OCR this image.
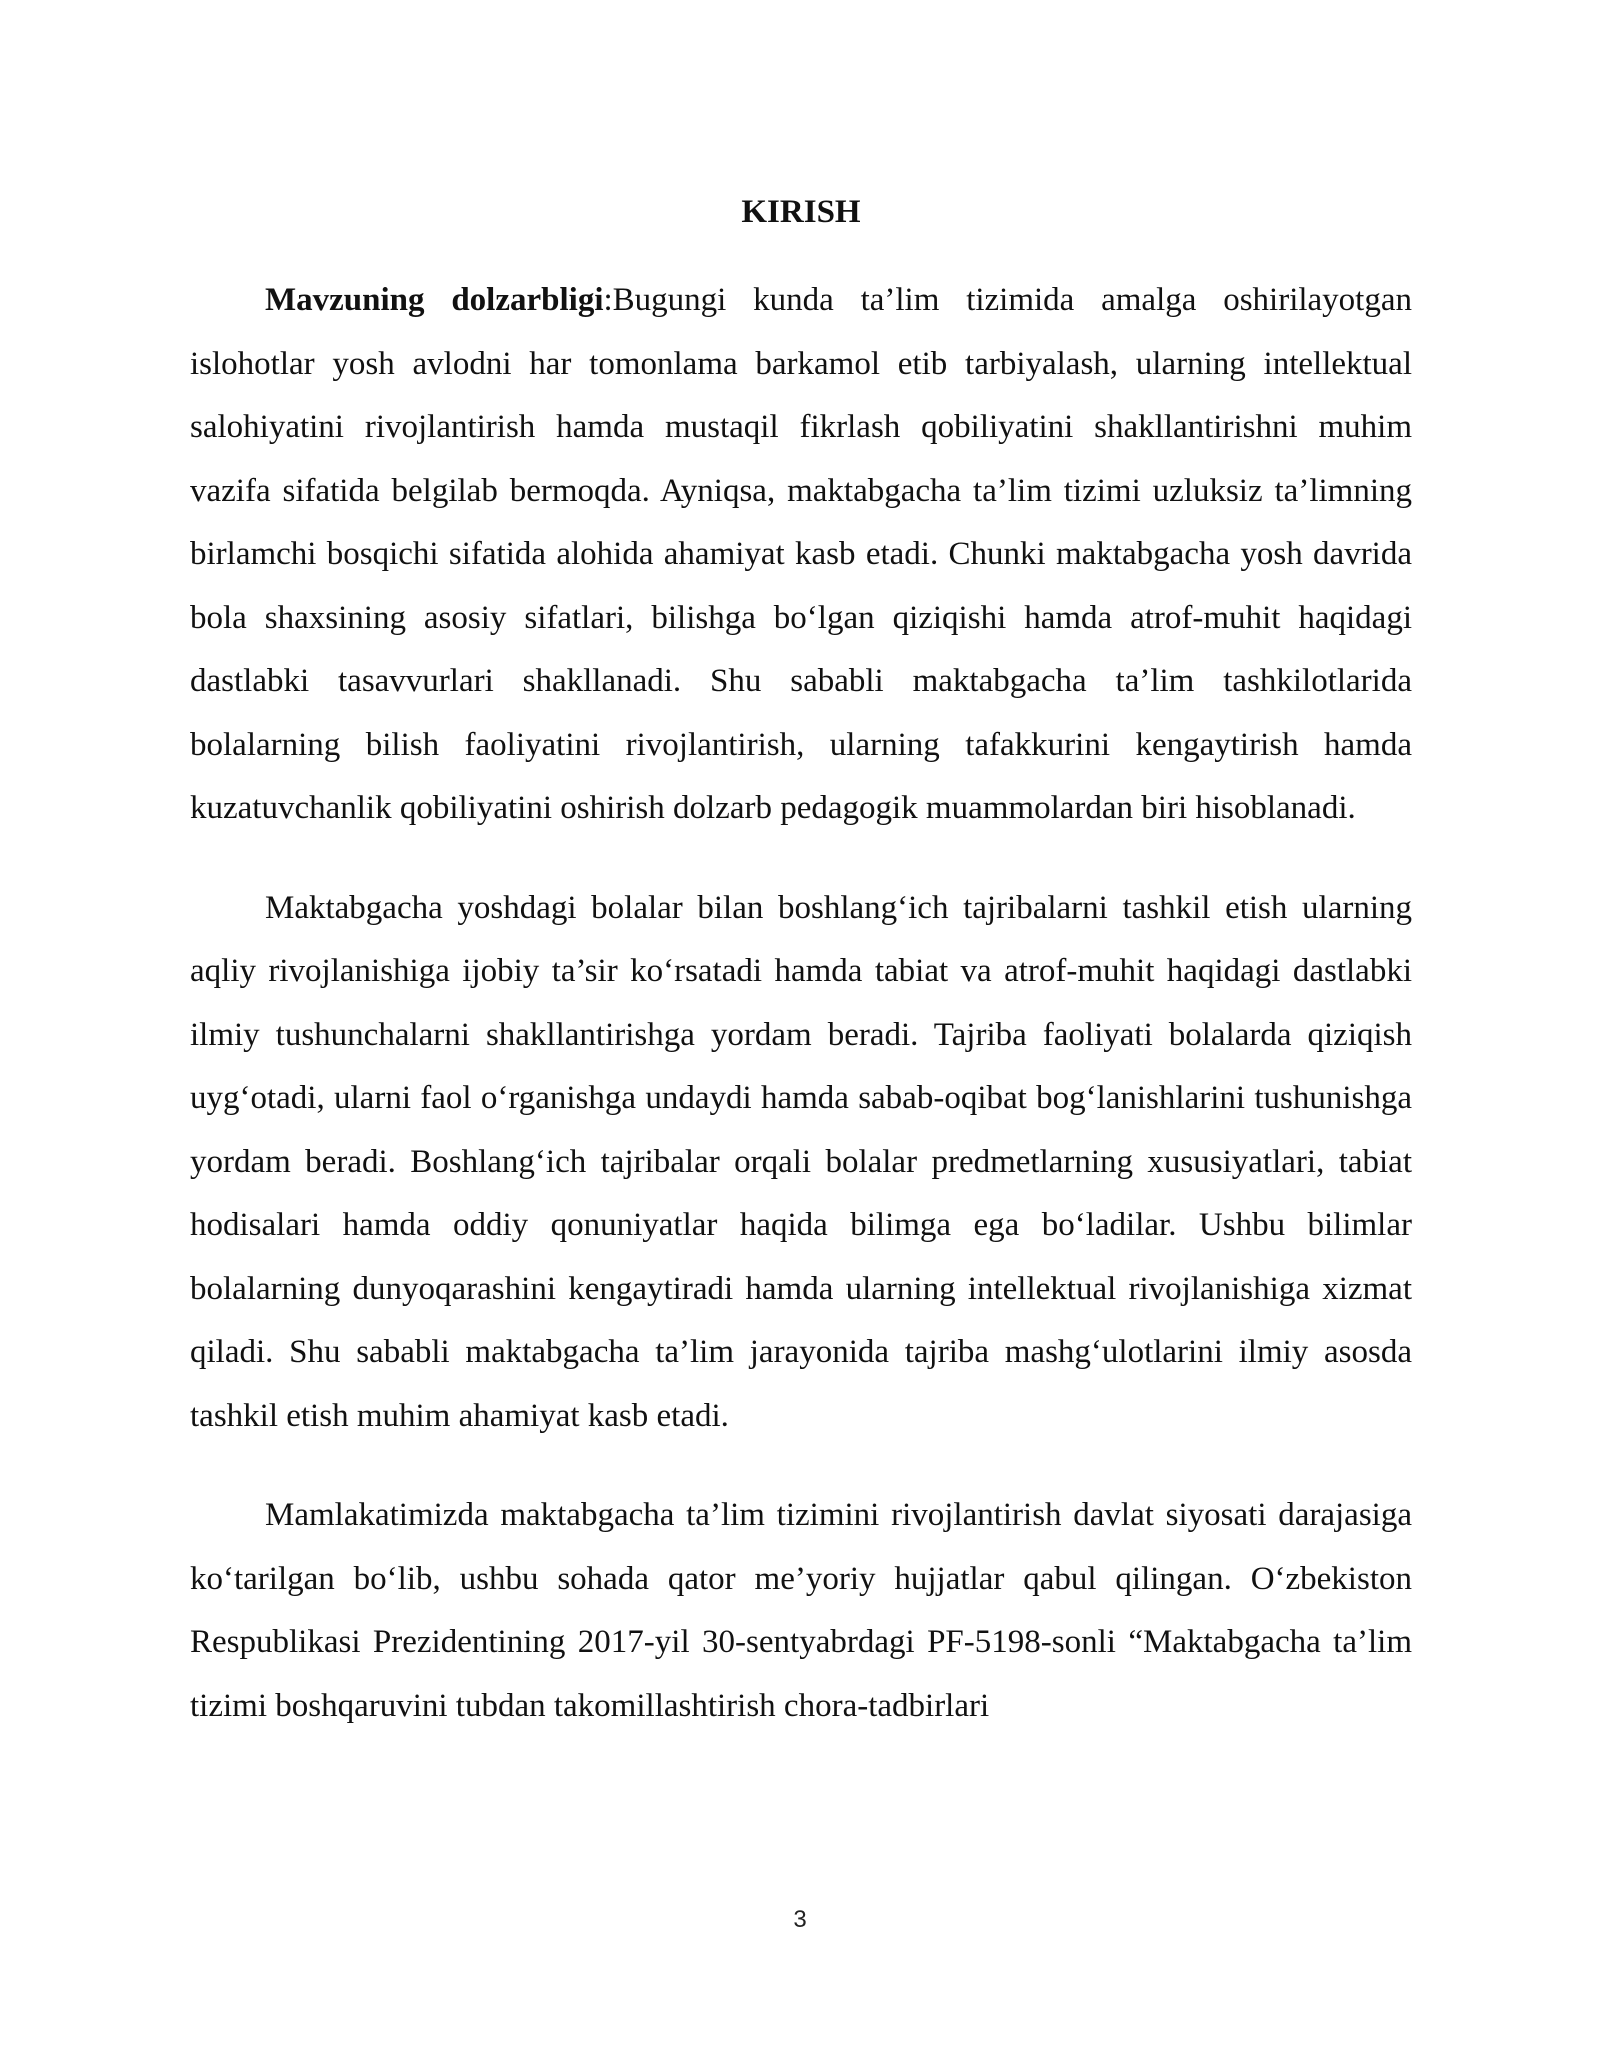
KIRISH

Mavzuning dolzarbligi:Bugungi kunda ta’lim tizimida amalga oshirilayotgan islohotlar yosh avlodni har tomonlama barkamol etib tarbiyalash, ularning intellektual salohiyatini rivojlantirish hamda mustaqil fikrlash qobiliyatini shakllantirishni muhim vazifa sifatida belgilab bermoqda. Ayniqsa, maktabgacha ta’lim tizimi uzluksiz ta’limning birlamchi bosqichi sifatida alohida ahamiyat kasb etadi. Chunki maktabgacha yosh davrida bola shaxsining asosiy sifatlari, bilishga bo‘lgan qiziqishi hamda atrof-muhit haqidagi dastlabki tasavvurlari shakllanadi. Shu sababli maktabgacha ta’lim tashkilotlarida bolalarning bilish faoliyatini rivojlantirish, ularning tafakkurini kengaytirish hamda kuzatuvchanlik qobiliyatini oshirish dolzarb pedagogik muammolardan biri hisoblanadi.

Maktabgacha yoshdagi bolalar bilan boshlang‘ich tajribalarni tashkil etish ularning aqliy rivojlanishiga ijobiy ta’sir ko‘rsatadi hamda tabiat va atrof-muhit haqidagi dastlabki ilmiy tushunchalarni shakllantirishga yordam beradi. Tajriba faoliyati bolalarda qiziqish uyg‘otadi, ularni faol o‘rganishga undaydi hamda sabab-oqibat bog‘lanishlarini tushunishga yordam beradi. Boshlang‘ich tajribalar orqali bolalar predmetlarning xususiyatlari, tabiat hodisalari hamda oddiy qonuniyatlar haqida bilimga ega bo‘ladilar. Ushbu bilimlar bolalarning dunyoqarashini kengaytiradi hamda ularning intellektual rivojlanishiga xizmat qiladi. Shu sababli maktabgacha ta’lim jarayonida tajriba mashg‘ulotlarini ilmiy asosda tashkil etish muhim ahamiyat kasb etadi.

Mamlakatimizda maktabgacha ta’lim tizimini rivojlantirish davlat siyosati darajasiga ko‘tarilgan bo‘lib, ushbu sohada qator me’yoriy hujjatlar qabul qilingan. O‘zbekiston Respublikasi Prezidentining 2017-yil 30-sentyabrdagi PF-5198-sonli “Maktabgacha ta’lim tizimi boshqaruvini tubdan takomillashtirish chora-tadbirlari

3
